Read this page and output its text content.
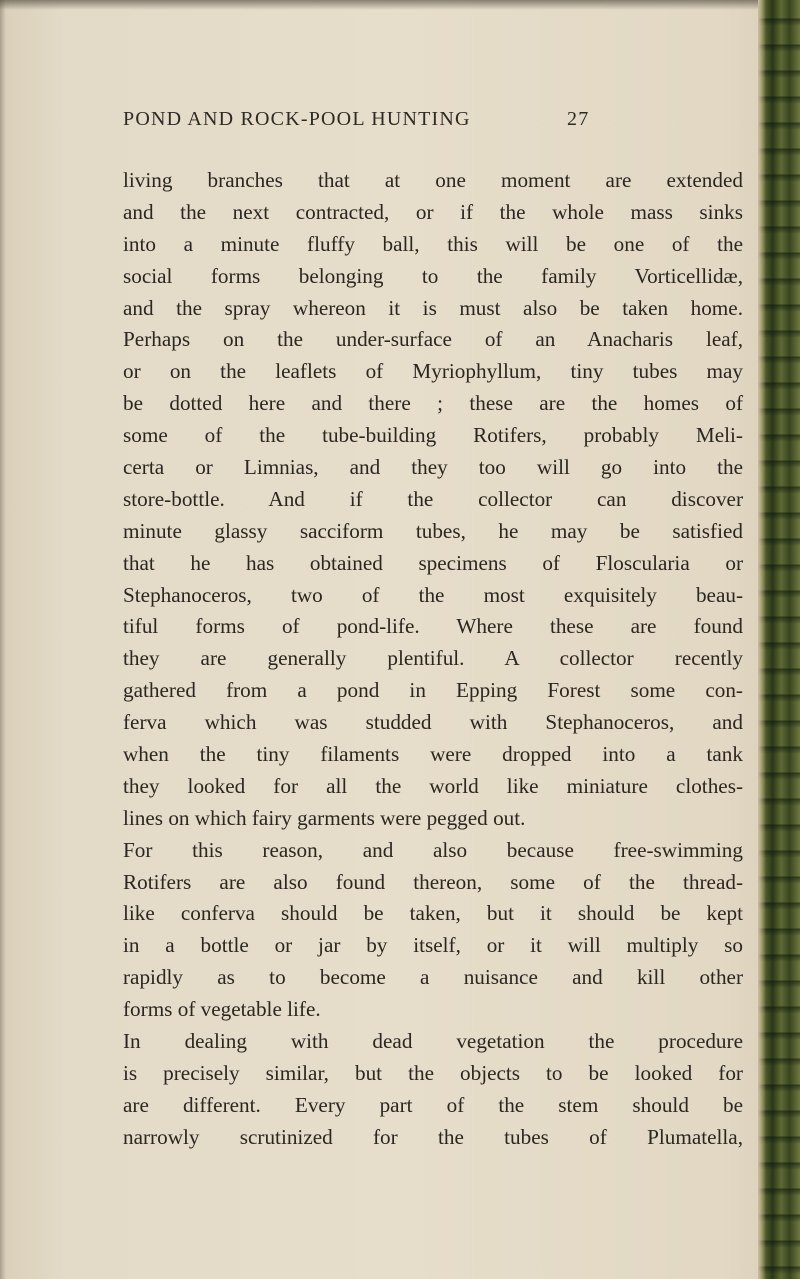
POND AND ROCK-POOL HUNTING	27
living branches that at one moment are extended
and the next contracted, or if the whole mass sinks
into a minute fluffy ball, this will be one of the
social forms belonging to the family Vorticellidæ,
and the spray whereon it is must also be taken home.
Perhaps on the under-surface of an Anacharis leaf,
or on the leaflets of Myriophyllum, tiny tubes may
be dotted here and there ; these are the homes of
some of the tube-building Rotifers, probably Meli-
certa or Limnias, and they too will go into the
store-bottle. And if the collector can discover
minute glassy sacciform tubes, he may be satisfied
that he has obtained specimens of Floscularia or
Stephanoceros, two of the most exquisitely beau-
tiful forms of pond-life. Where these are found
they are generally plentiful. A collector recently
gathered from a pond in Epping Forest some con-
ferva which was studded with Stephanoceros, and
when the tiny filaments were dropped into a tank
they looked for all the world like miniature clothes-
lines on which fairy garments were pegged out.
For this reason, and also because free-swimming
Rotifers are also found thereon, some of the thread-
like conferva should be taken, but it should be kept
in a bottle or jar by itself, or it will multiply so
rapidly as to become a nuisance and kill other
forms of vegetable life.
In dealing with dead vegetation the procedure
is precisely similar, but the objects to be looked for
are different. Every part of the stem should be
narrowly scrutinized for the tubes of Plumatella,
